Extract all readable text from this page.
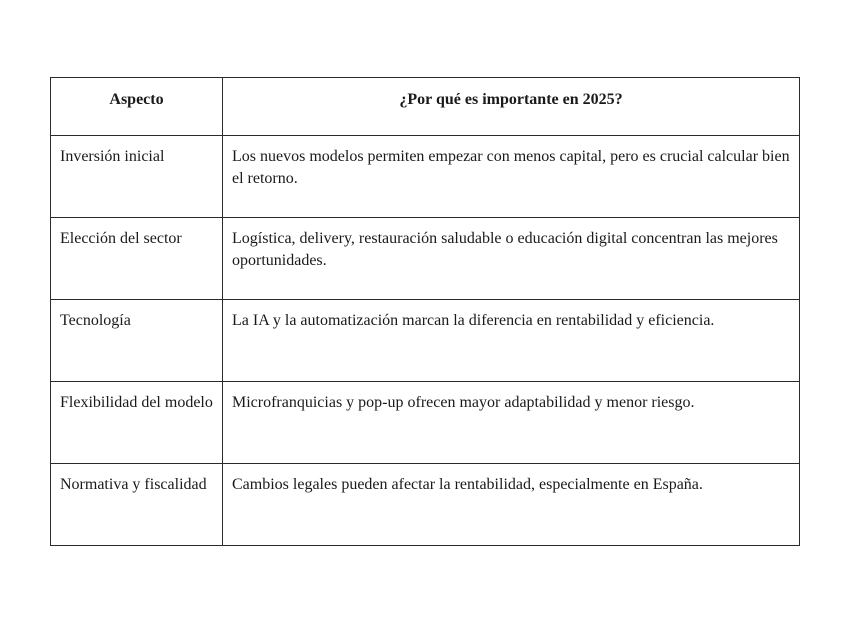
Aspecto	¿Por qué es importante en 2025?
Inversión inicial	Los nuevos modelos permiten empezar con menos capital, pero es crucial calcular bien el retorno.
Elección del sector	Logística, delivery, restauración saludable o educación digital concentran las mejores oportunidades.
Tecnología	La IA y la automatización marcan la diferencia en rentabilidad y eficiencia.
Flexibilidad del modelo	Microfranquicias y pop-up ofrecen mayor adaptabilidad y menor riesgo.
Normativa y fiscalidad	Cambios legales pueden afectar la rentabilidad, especialmente en España.
